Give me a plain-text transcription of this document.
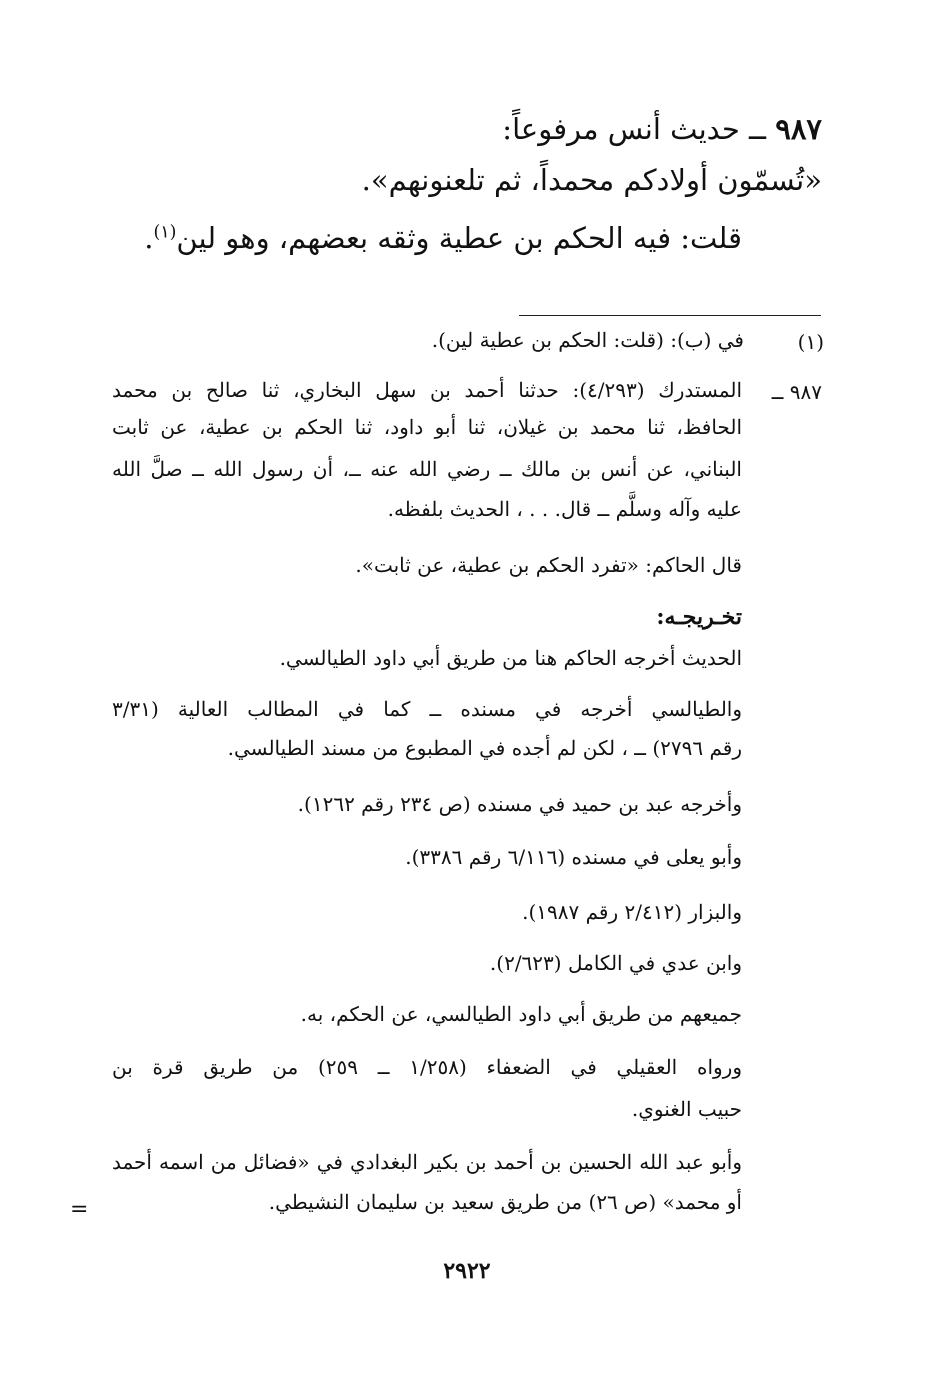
٩٨٧ ــ حديث أنس مرفوعاً:
«تُسمّون أولادكم محمداً، ثم تلعنونهم».
قلت: فيه الحكم بن عطية وثقه بعضهم، وهو لين$^{(١)}$.
(١)
في (ب): (قلت: الحكم بن عطية لين).
٩٨٧ ــ
المستدرك (٤/٢٩٣): حدثنا أحمد بن سهل البخاري، ثنا صالح بن محمد
الحافظ، ثنا محمد بن غيلان، ثنا أبو داود، ثنا الحكم بن عطية، عن ثابت
البناني، عن أنس بن مالك ــ رضي الله عنه ــ، أن رسول الله ــ صلَّ الله
عليه وآله وسلَّم ــ قال. . . ، الحديث بلفظه.
قال الحاكم: «تفرد الحكم بن عطية، عن ثابت».
تخـريجـه:
الحديث أخرجه الحاكم هنا من طريق أبي داود الطيالسي.
والطيالسي أخرجه في مسنده ــ كما في المطالب العالية (٣/٣١
رقم ٢٧٩٦) ــ ، لكن لم أجده في المطبوع من مسند الطيالسي.
وأخرجه عبد بن حميد في مسنده (ص ٢٣٤ رقم ١٢٦٢).
وأبو يعلى في مسنده (٦/١١٦ رقم ٣٣٨٦).
والبزار (٢/٤١٢ رقم ١٩٨٧).
وابن عدي في الكامل (٢/٦٢٣).
جميعهم من طريق أبي داود الطيالسي، عن الحكم، به.
ورواه العقيلي في الضعفاء (١/٢٥٨ ــ ٢٥٩) من طريق قرة بن
حبيب الغنوي.
وأبو عبد الله الحسين بن أحمد بن بكير البغدادي في «فضائل من اسمه أحمد
أو محمد» (ص ٢٦) من طريق سعيد بن سليمان النشيطي.
=
٢٩٢٢
